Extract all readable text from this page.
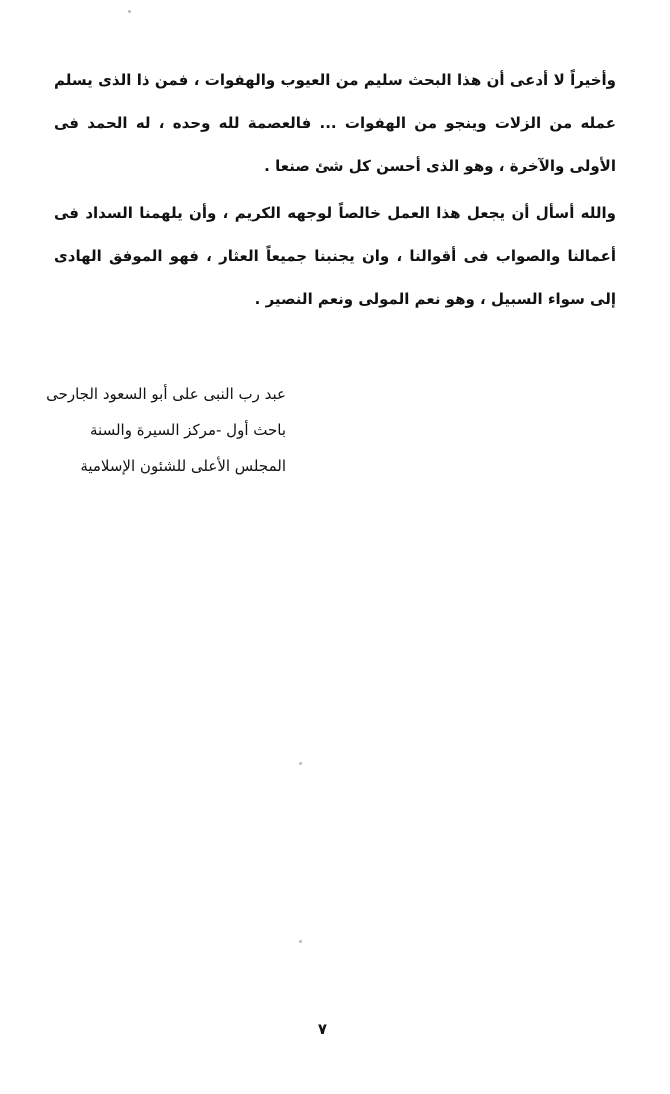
وأخيراً لا أدعى أن هذا البحث سليم من العيوب والهفوات ، فمن ذا الذى يسلم عمله من الزلات وينجو من الهفوات ... فالعصمة لله وحده ، له الحمد فى الأولى والآخرة ، وهو الذى أحسن كل شئ صنعا .

والله أسأل أن يجعل هذا العمل خالصاً لوجهه الكريم ، وأن يلهمنا السداد فى أعمالنا والصواب فى أقوالنا ، وان يجنبنا جميعاً العثار ، فهو الموفق الهادى إلى سواء السبيل ، وهو نعم المولى ونعم النصير .

عبد رب النبى على أبو السعود الجارحى
باحث أول -مركز السيرة والسنة
المجلس الأعلى للشئون الإسلامية
٧
